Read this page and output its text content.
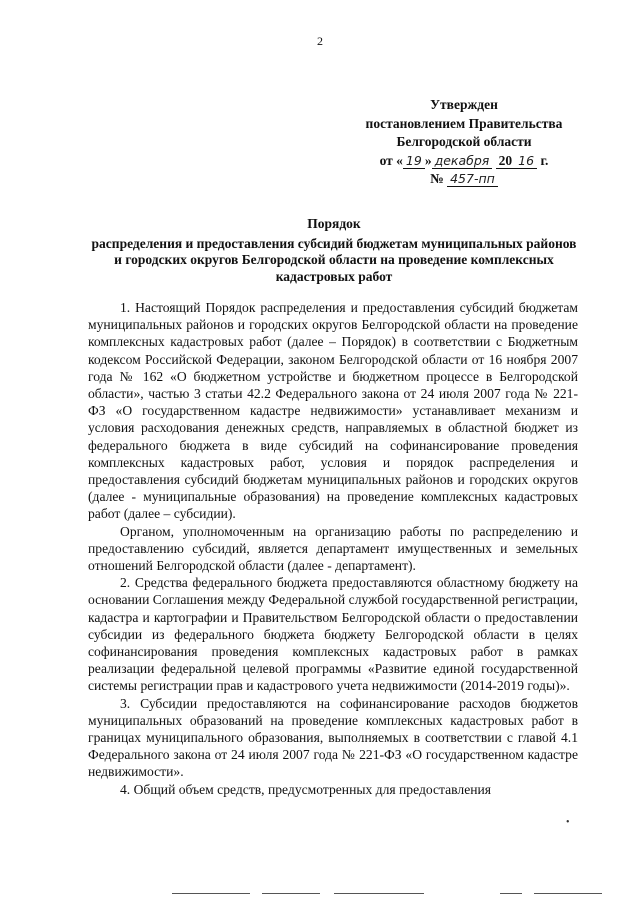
2
Утвержден
постановлением Правительства
Белгородской области
от « 19 » декабря 20 16 г.
№ 457-пп
Порядок
распределения и предоставления субсидий бюджетам муниципальных районов и городских округов Белгородской области на проведение комплексных кадастровых работ

1. Настоящий Порядок распределения и предоставления субсидий бюджетам муниципальных районов и городских округов Белгородской области на проведение комплексных кадастровых работ (далее – Порядок) в соответствии с Бюджетным кодексом Российской Федерации, законом Белгородской области от 16 ноября 2007 года № 162 «О бюджетном устройстве и бюджетном процессе в Белгородской области», частью 3 статьи 42.2 Федерального закона от 24 июля 2007 года № 221-ФЗ «О государственном кадастре недвижимости» устанавливает механизм и условия расходования денежных средств, направляемых в областной бюджет из федерального бюджета в виде субсидий на софинансирование проведения комплексных кадастровых работ, условия и порядок распределения и предоставления субсидий бюджетам муниципальных районов и городских округов (далее - муниципальные образования) на проведение комплексных кадастровых работ (далее – субсидии).

Органом, уполномоченным на организацию работы по распределению и предоставлению субсидий, является департамент имущественных и земельных отношений Белгородской области (далее - департамент).

2. Средства федерального бюджета предоставляются областному бюджету на основании Соглашения между Федеральной службой государственной регистрации, кадастра и картографии и Правительством Белгородской области о предоставлении субсидии из федерального бюджета бюджету Белгородской области в целях софинансирования проведения комплексных кадастровых работ в рамках реализации федеральной целевой программы «Развитие единой государственной системы регистрации прав и кадастрового учета недвижимости (2014-2019 годы)».

3. Субсидии предоставляются на софинансирование расходов бюджетов муниципальных образований на проведение комплексных кадастровых работ в границах муниципального образования, выполняемых в соответствии с главой 4.1 Федерального закона от 24 июля 2007 года № 221-ФЗ «О государственном кадастре недвижимости».

4. Общий объем средств, предусмотренных для предоставления

•
